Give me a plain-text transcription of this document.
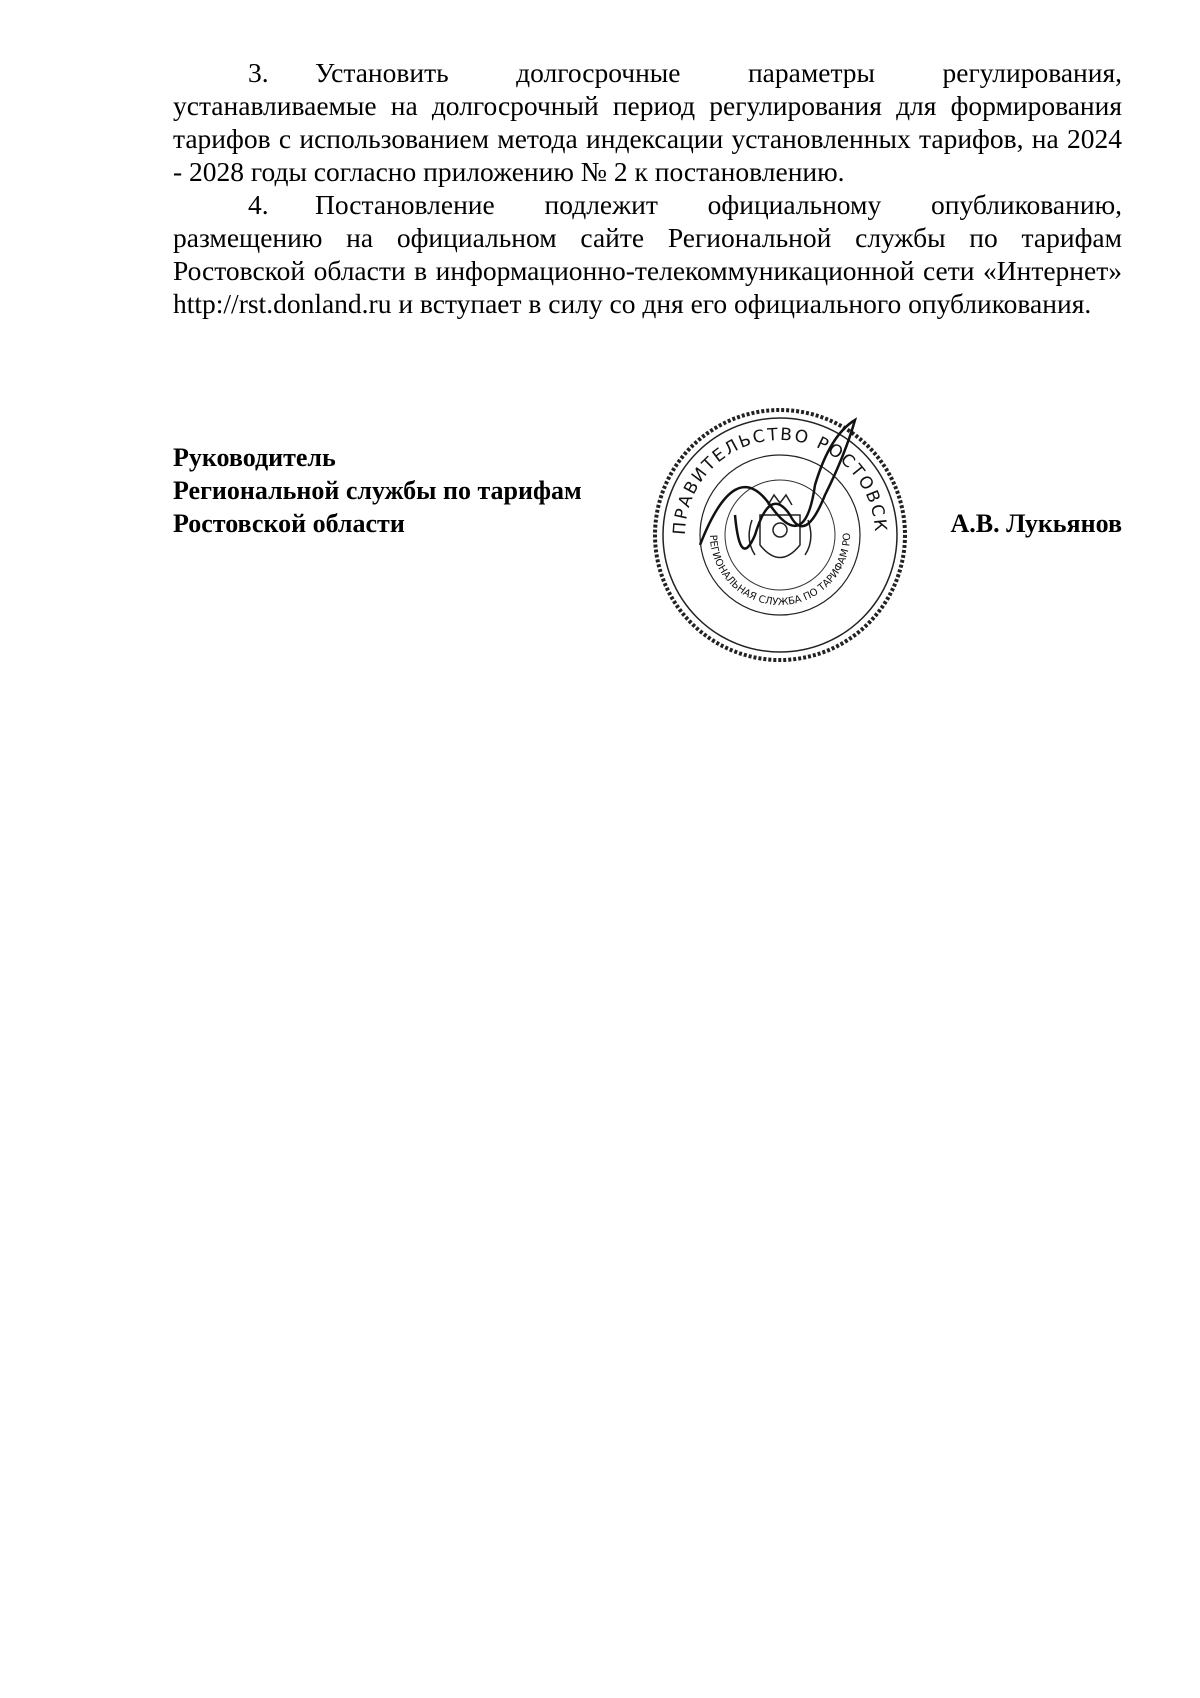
3. Установить долгосрочные параметры регулирования, устанавливаемые на долгосрочный период регулирования для формирования тарифов с использованием метода индексации установленных тарифов, на 2024 - 2028 годы согласно приложению № 2 к постановлению.

4. Постановление подлежит официальному опубликованию, размещению на официальном сайте Региональной службы по тарифам Ростовской области в информационно-телекоммуникационной сети «Интернет» http://rst.donland.ru и вступает в силу со дня его официального опубликования.

Руководитель
Региональной службы по тарифам
Ростовской области	ПРАВИТЕЛЬСТВО РОСТОВСК
РЕГИОНАЛЬНАЯ СЛУЖБА ПО ТАРИФАМ РО	А.В. Лукьянов
